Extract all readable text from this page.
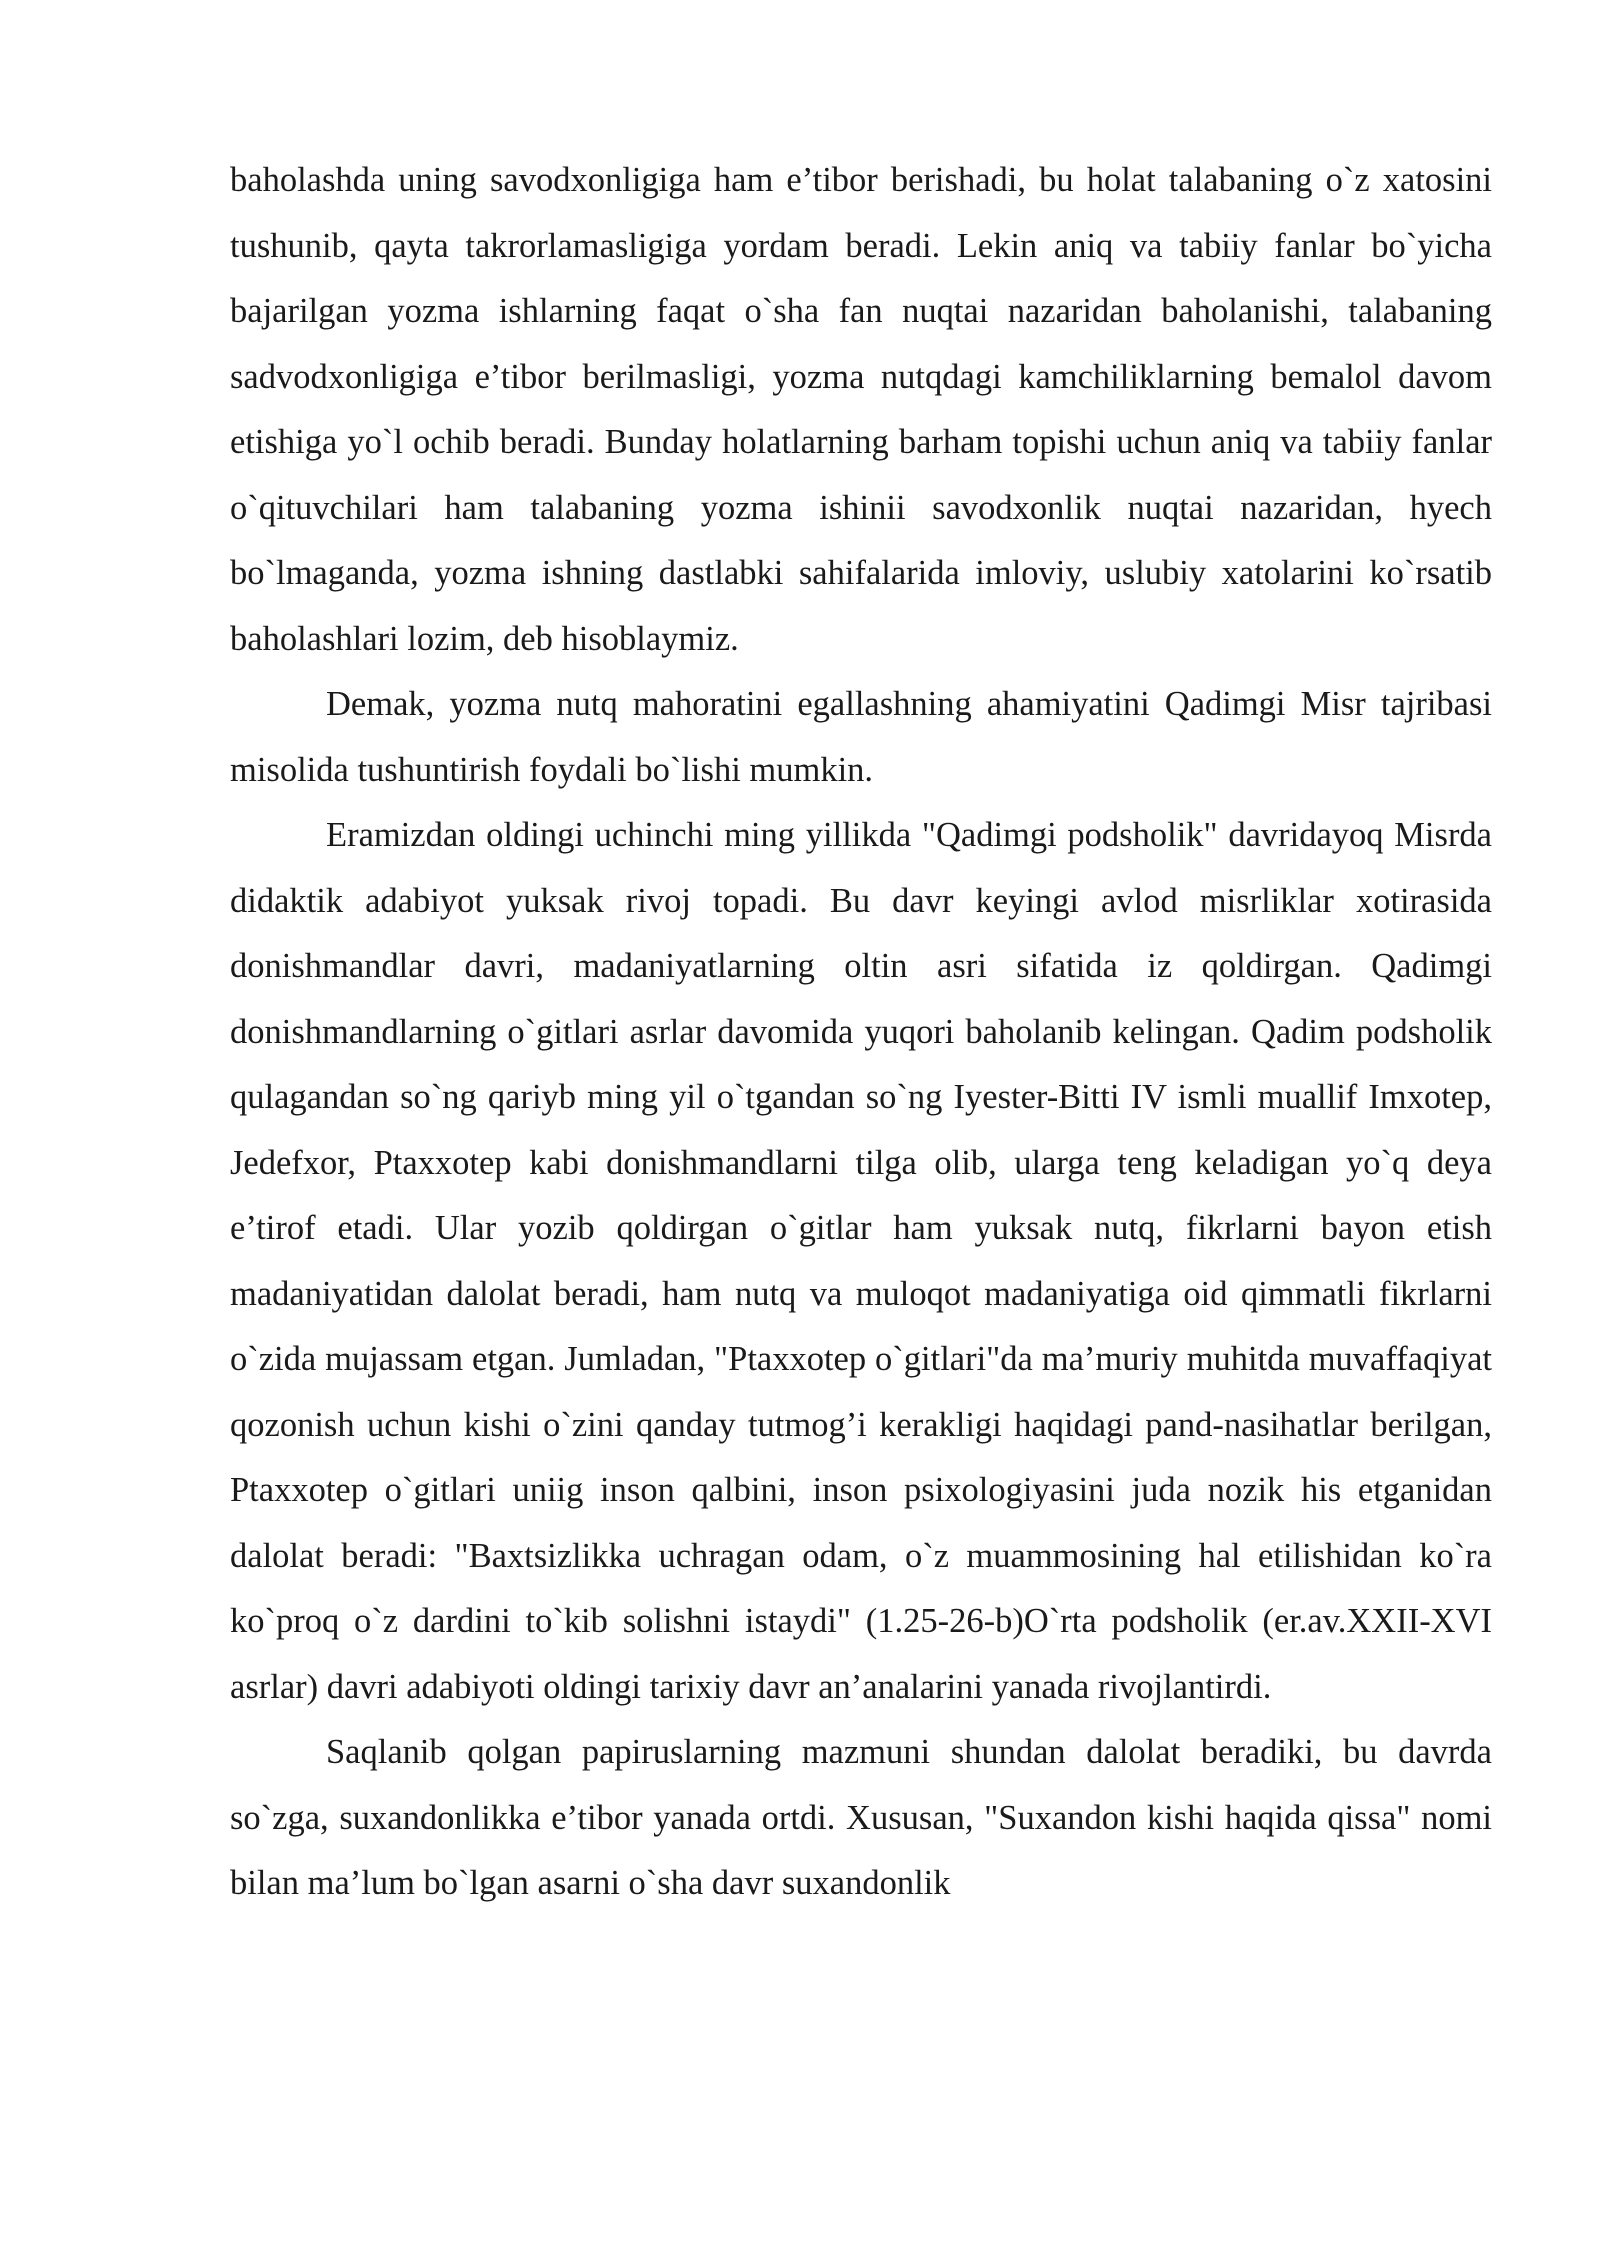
baholashda uning savodxonligiga ham e’tibor berishadi, bu holat talabaning o`z xatosini tushunib, qayta takrorlamasligiga yordam beradi. Lekin aniq va tabiiy fanlar bo`yicha bajarilgan yozma ishlarning faqat o`sha fan nuqtai nazaridan baholanishi, talabaning sadvodxonligiga e’tibor berilmasligi, yozma nutqdagi kamchiliklarning bemalol davom etishiga yo`l ochib beradi. Bunday holatlarning barham topishi uchun aniq va tabiiy fanlar o`qituvchilari ham talabaning yozma ishinii savodxonlik nuqtai nazaridan, hyech bo`lmaganda, yozma ishning dastlabki sahifalarida imloviy, uslubiy xatolarini ko`rsatib baholashlari lozim, deb hisoblaymiz.

Demak, yozma nutq mahoratini egallashning ahamiyatini Qadimgi Misr tajribasi misolida tushuntirish foydali bo`lishi mumkin.

Eramizdan oldingi uchinchi ming yillikda "Qadimgi podsholik" davridayoq Misrda didaktik adabiyot yuksak rivoj topadi. Bu davr keyingi avlod misrliklar xotirasida donishmandlar davri, madaniyatlarning oltin asri sifatida iz qoldirgan. Qadimgi donishmandlarning o`gitlari asrlar davomida yuqori baholanib kelingan. Qadim podsholik qulagandan so`ng qariyb ming yil o`tgandan so`ng Iyester-Bitti IV ismli muallif Imxotep, Jedefxor, Ptaxxotep kabi donishmandlarni tilga olib, ularga teng keladigan yo`q deya e’tirof etadi. Ular yozib qoldirgan o`gitlar ham yuksak nutq, fikrlarni bayon etish madaniyatidan dalolat beradi, ham nutq va muloqot madaniyatiga oid qimmatli fikrlarni o`zida mujassam etgan. Jumladan, "Ptaxxotep o`gitlari"da ma’muriy muhitda muvaffaqiyat qozonish uchun kishi o`zini qanday tutmog’i kerakligi haqidagi pand-nasihatlar berilgan, Ptaxxotep o`gitlari uniig inson qalbini, inson psixologiyasini juda nozik his etganidan dalolat beradi: "Baxtsizlikka uchragan odam, o`z muammosining hal etilishidan ko`ra ko`proq o`z dardini to`kib solishni istaydi" (1.25-26-b)O`rta podsholik (er.av.XXII-XVI asrlar) davri adabiyoti oldingi tarixiy davr an’analarini yanada rivojlantirdi.

Saqlanib qolgan papiruslarning mazmuni shundan dalolat beradiki, bu davrda so`zga, suxandonlikka e’tibor yanada ortdi. Xususan, "Suxandon kishi haqida qissa" nomi bilan ma’lum bo`lgan asarni o`sha davr suxandonlik
